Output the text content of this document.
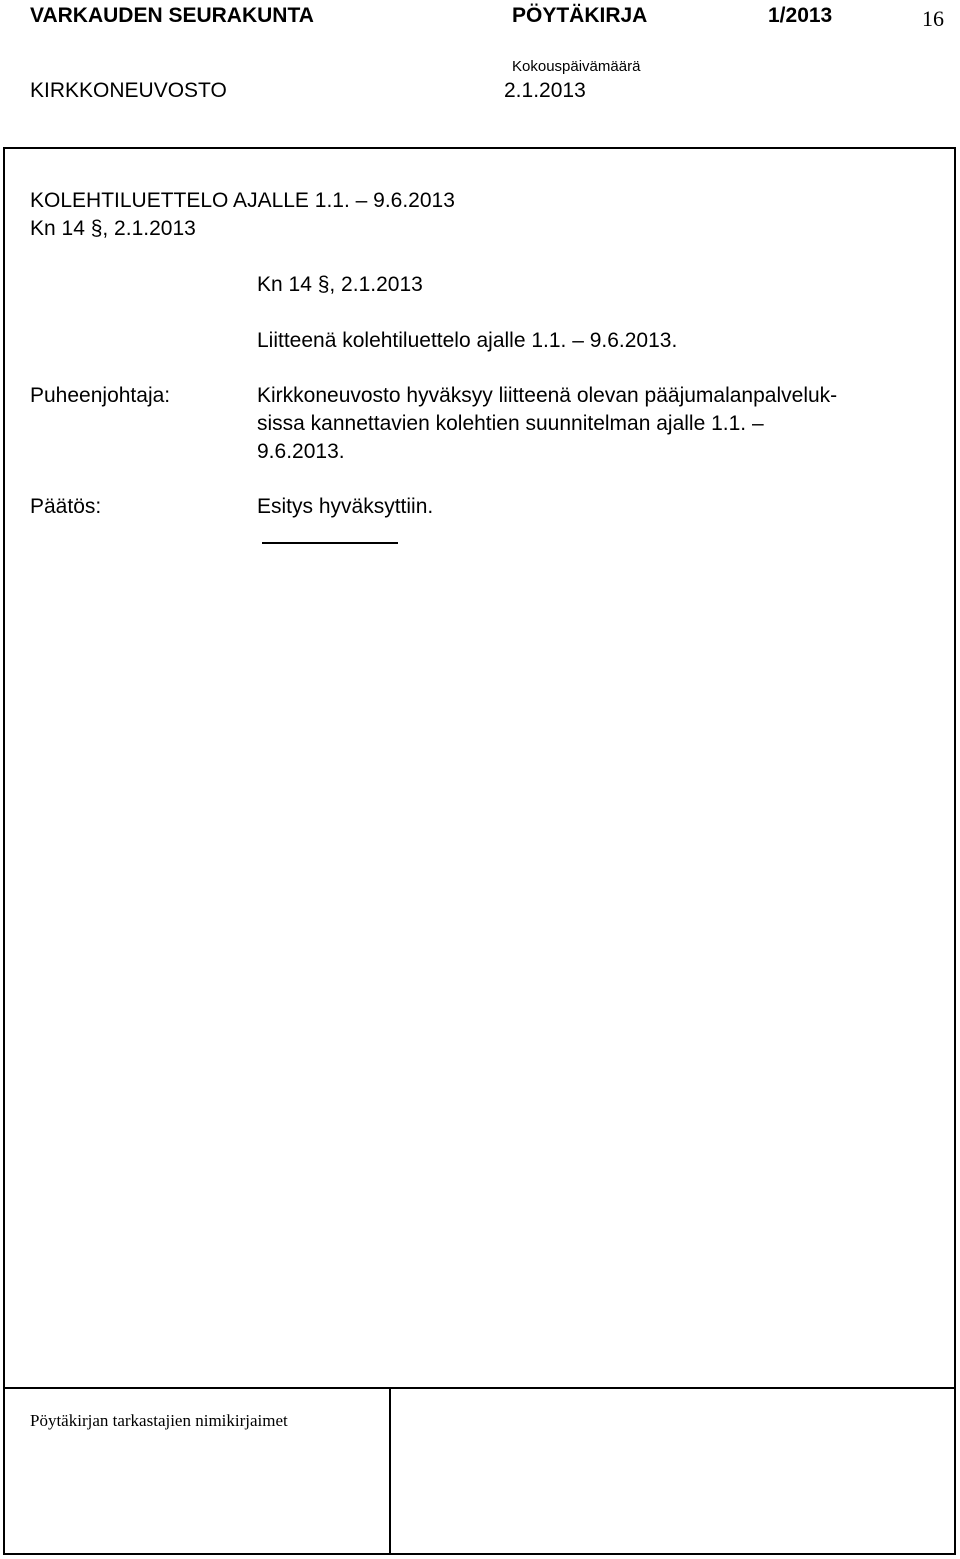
VARKAUDEN SEURAKUNTA	PÖYTÄKIRJA	1/2013	16
KIRKKONEUVOSTO
Kokouspäivämäärä
2.1.2013
KOLEHTILUETTELO AJALLE 1.1. – 9.6.2013
Kn 14 §, 2.1.2013
Kn 14 §, 2.1.2013
Liitteenä kolehtiluettelo ajalle 1.1. – 9.6.2013.
Puheenjohtaja:	Kirkkoneuvosto hyväksyy liitteenä olevan pääjumalanpalveluk-
sissa kannettavien kolehtien suunnitelman ajalle 1.1. –
9.6.2013.
Päätös:	Esitys hyväksyttiin.
Pöytäkirjan tarkastajien nimikirjaimet
